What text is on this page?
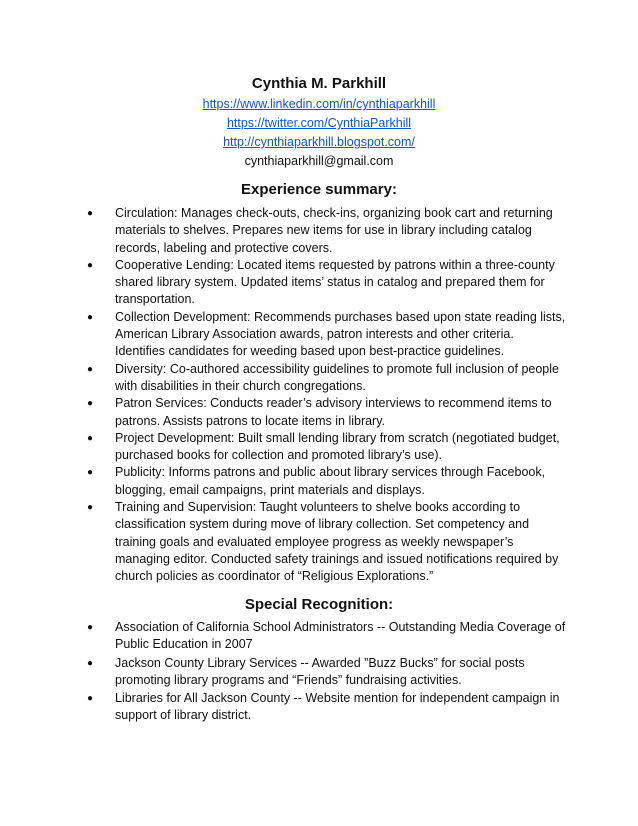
Cynthia M. Parkhill
https://www.linkedin.com/in/cynthiaparkhill
https://twitter.com/CynthiaParkhill
http://cynthiaparkhill.blogspot.com/
cynthiaparkhill@gmail.com
Experience summary:
●	Circulation: Manages check-outs, check-ins, organizing book cart and returning materials to shelves. Prepares new items for use in library including catalog records, labeling and protective covers.
●	Cooperative Lending: Located items requested by patrons within a three-county shared library system. Updated items’ status in catalog and prepared them for transportation.
●	Collection Development: Recommends purchases based upon state reading lists, American Library Association awards, patron interests and other criteria. Identifies candidates for weeding based upon best-practice guidelines.
●	Diversity: Co-authored accessibility guidelines to promote full inclusion of people with disabilities in their church congregations.
●	Patron Services: Conducts reader’s advisory interviews to recommend items to patrons. Assists patrons to locate items in library.
●	Project Development: Built small lending library from scratch (negotiated budget, purchased books for collection and promoted library’s use).
●	Publicity: Informs patrons and public about library services through Facebook, blogging, email campaigns, print materials and displays.
●	Training and Supervision: Taught volunteers to shelve books according to classification system during move of library collection. Set competency and training goals and evaluated employee progress as weekly newspaper’s managing editor. Conducted safety trainings and issued notifications required by church policies as coordinator of “Religious Explorations.”
Special Recognition:
●	Association of California School Administrators -- Outstanding Media Coverage of Public Education in 2007
●	Jackson County Library Services -- Awarded ”Buzz Bucks” for social posts promoting library programs and “Friends” fundraising activities.
●	Libraries for All Jackson County -- Website mention for independent campaign in support of library district.
